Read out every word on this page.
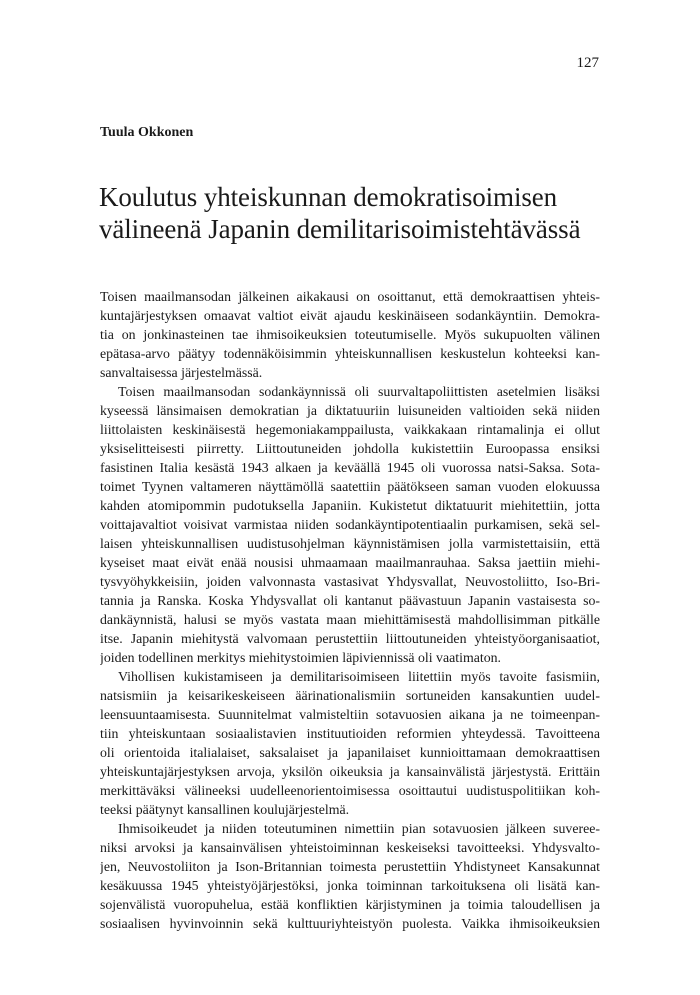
127
Tuula Okkonen
Koulutus yhteiskunnan demokratisoimisen
välineenä Japanin demilitarisoimistehtävässä

Toisen maailmansodan jälkeinen aikakausi on osoittanut, että demokraattisen yhteis-
kuntajärjestyksen omaavat valtiot eivät ajaudu keskinäiseen sodankäyntiin. Demokra-
tia on jonkinasteinen tae ihmisoikeuksien toteutumiselle. Myös sukupuolten välinen
epätasa-arvo päätyy todennäköisimmin yhteiskunnallisen keskustelun kohteeksi kan-
sanvaltaisessa järjestelmässä.

Toisen maailmansodan sodankäynnissä oli suurvaltapoliittisten asetelmien lisäksi
kyseessä länsimaisen demokratian ja diktatuuriin luisuneiden valtioiden sekä niiden
liittolaisten keskinäisestä hegemoniakamppailusta, vaikkakaan rintamalinja ei ollut
yksiselitteisesti piirretty. Liittoutuneiden johdolla kukistettiin Euroopassa ensiksi
fasistinen Italia kesästä 1943 alkaen ja keväällä 1945 oli vuorossa natsi-Saksa. Sota-
toimet Tyynen valtameren näyttämöllä saatettiin päätökseen saman vuoden elokuussa
kahden atomipommin pudotuksella Japaniin. Kukistetut diktatuurit miehitettiin, jotta
voittajavaltiot voisivat varmistaa niiden sodankäyntipotentiaalin purkamisen, sekä sel-
laisen yhteiskunnallisen uudistusohjelman käynnistämisen jolla varmistettaisiin, että
kyseiset maat eivät enää nousisi uhmaamaan maailmanrauhaa. Saksa jaettiin miehi-
tysvyöhykkeisiin, joiden valvonnasta vastasivat Yhdysvallat, Neuvostoliitto, Iso-Bri-
tannia ja Ranska. Koska Yhdysvallat oli kantanut päävastuun Japanin vastaisesta so-
dankäynnistä, halusi se myös vastata maan miehittämisestä mahdollisimman pitkälle
itse. Japanin miehitystä valvomaan perustettiin liittoutuneiden yhteistyöorganisaatiot,
joiden todellinen merkitys miehitystoimien läpiviennissä oli vaatimaton.

Vihollisen kukistamiseen ja demilitarisoimiseen liitettiin myös tavoite fasismiin,
natsismiin ja keisarikeskeiseen äärinationalismiin sortuneiden kansakuntien uudel-
leensuuntaamisesta. Suunnitelmat valmisteltiin sotavuosien aikana ja ne toimeenpan-
tiin yhteiskuntaan sosiaalistavien instituutioiden reformien yhteydessä. Tavoitteena
oli orientoida italialaiset, saksalaiset ja japanilaiset kunnioittamaan demokraattisen
yhteiskuntajärjestyksen arvoja, yksilön oikeuksia ja kansainvälistä järjestystä. Erittäin
merkittäväksi välineeksi uudelleenorientoimisessa osoittautui uudistuspolitiikan koh-
teeksi päätynyt kansallinen koulujärjestelmä.

Ihmisoikeudet ja niiden toteutuminen nimettiin pian sotavuosien jälkeen suveree-
niksi arvoksi ja kansainvälisen yhteistoiminnan keskeiseksi tavoitteeksi. Yhdysvalto-
jen, Neuvostoliiton ja Ison-Britannian toimesta perustettiin Yhdistyneet Kansakunnat
kesäkuussa 1945 yhteistyöjärjestöksi, jonka toiminnan tarkoituksena oli lisätä kan-
sojenvälistä vuoropuhelua, estää konfliktien kärjistyminen ja toimia taloudellisen ja
sosiaalisen hyvinvoinnin sekä kulttuuriyhteistyön puolesta. Vaikka ihmisoikeuksien
